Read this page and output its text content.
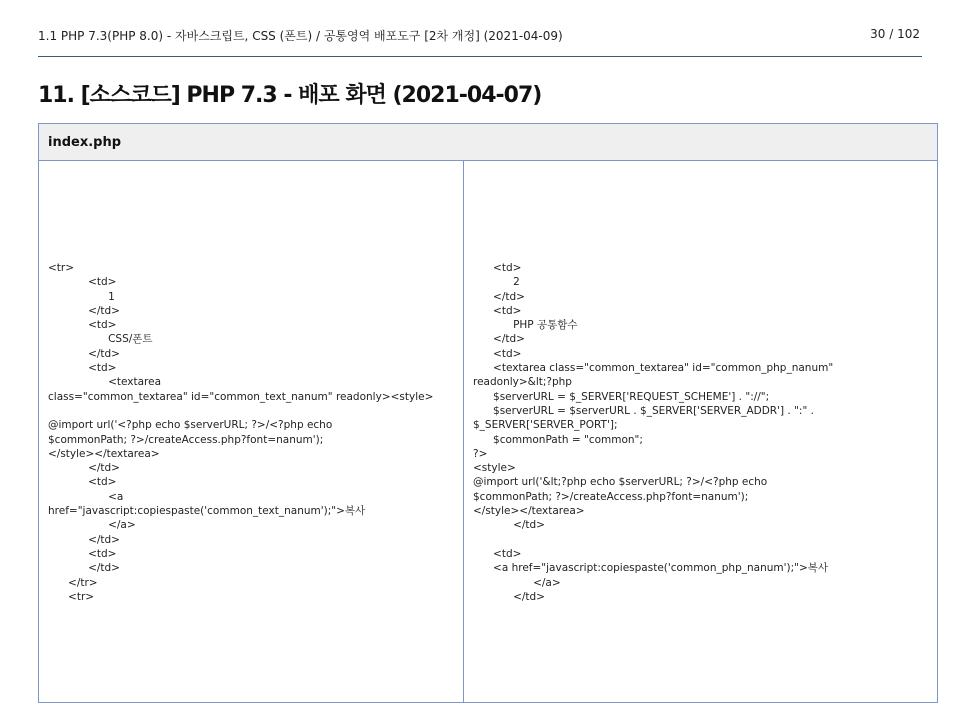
1.1 PHP 7.3(PHP 8.0) - 자바스크립트, CSS (폰트) / 공통영역 배포도구 [2차 개정] (2021-04-09)	30 / 102
11. [소스코드] PHP 7.3 - 배포 화면 (2021-04-07)
index.php
<tr>
				<td>
						1
				</td>
				<td>
						CSS/폰트
				</td>
				<td>
						<textarea
class="common_textarea" id="common_text_nanum" readonly><style>

@import url('<?php echo $serverURL; ?>/<?php echo
$commonPath; ?>/createAccess.php?font=nanum');
</style></textarea>
				</td>
				<td>
						<a
href="javascript:copiespaste('common_text_nanum');">복사
						</a>
				</td>
				<td>
				</td>
		</tr>
		<tr>
		<td>
				2
		</td>
		<td>
				PHP 공통함수
		</td>
		<td>
		<textarea class="common_textarea" id="common_php_nanum"
readonly>&lt;?php
		$serverURL = $_SERVER['REQUEST_SCHEME'] . "://";
		$serverURL = $serverURL . $_SERVER['SERVER_ADDR'] . ":" .
$_SERVER['SERVER_PORT'];
		$commonPath = "common";
?>
<style>
@import url('&lt;?php echo $serverURL; ?>/<?php echo
$commonPath; ?>/createAccess.php?font=nanum');
</style></textarea>
				</td>

		<td>
		<a href="javascript:copiespaste('common_php_nanum');">복사
						</a>
				</td>
